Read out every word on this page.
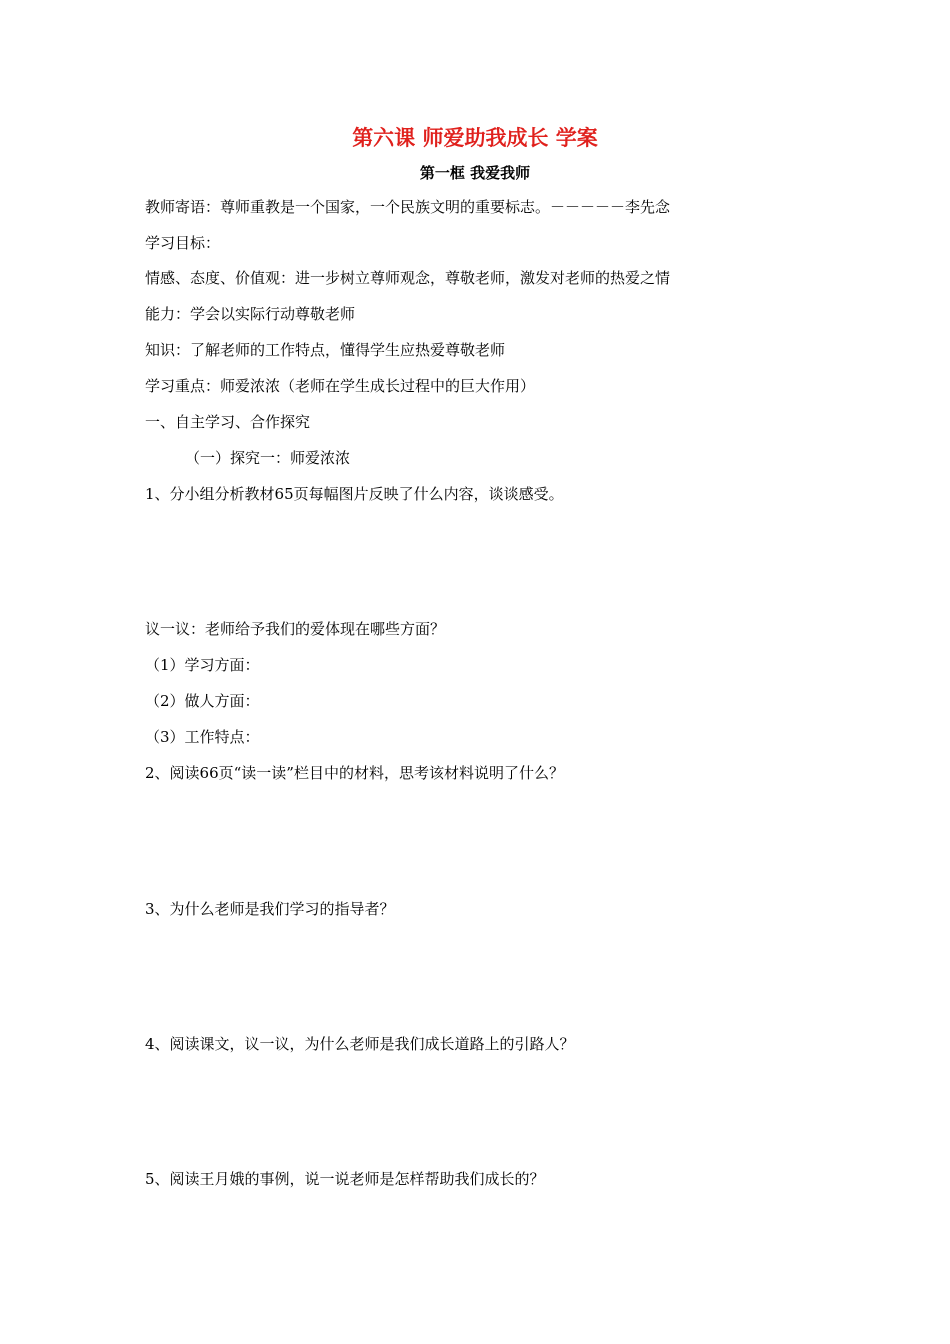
第六课 师爱助我成长 学案
第一框 我爱我师
教师寄语：尊师重教是一个国家，一个民族文明的重要标志。－－－－－李先念
学习目标：
情感、态度、价值观：进一步树立尊师观念，尊敬老师，激发对老师的热爱之情
能力：学会以实际行动尊敬老师
知识：了解老师的工作特点，懂得学生应热爱尊敬老师
学习重点：师爱浓浓（老师在学生成长过程中的巨大作用）
一、自主学习、合作探究
（一）探究一：师爱浓浓
1、分小组分析教材65页每幅图片反映了什么内容，谈谈感受。
议一议：老师给予我们的爱体现在哪些方面？
（1）学习方面：
（2）做人方面：
（3）工作特点：
2、阅读66页“读一读”栏目中的材料，思考该材料说明了什么？
3、为什么老师是我们学习的指导者？
4、阅读课文，议一议，为什么老师是我们成长道路上的引路人？
5、阅读王月娥的事例，说一说老师是怎样帮助我们成长的？
